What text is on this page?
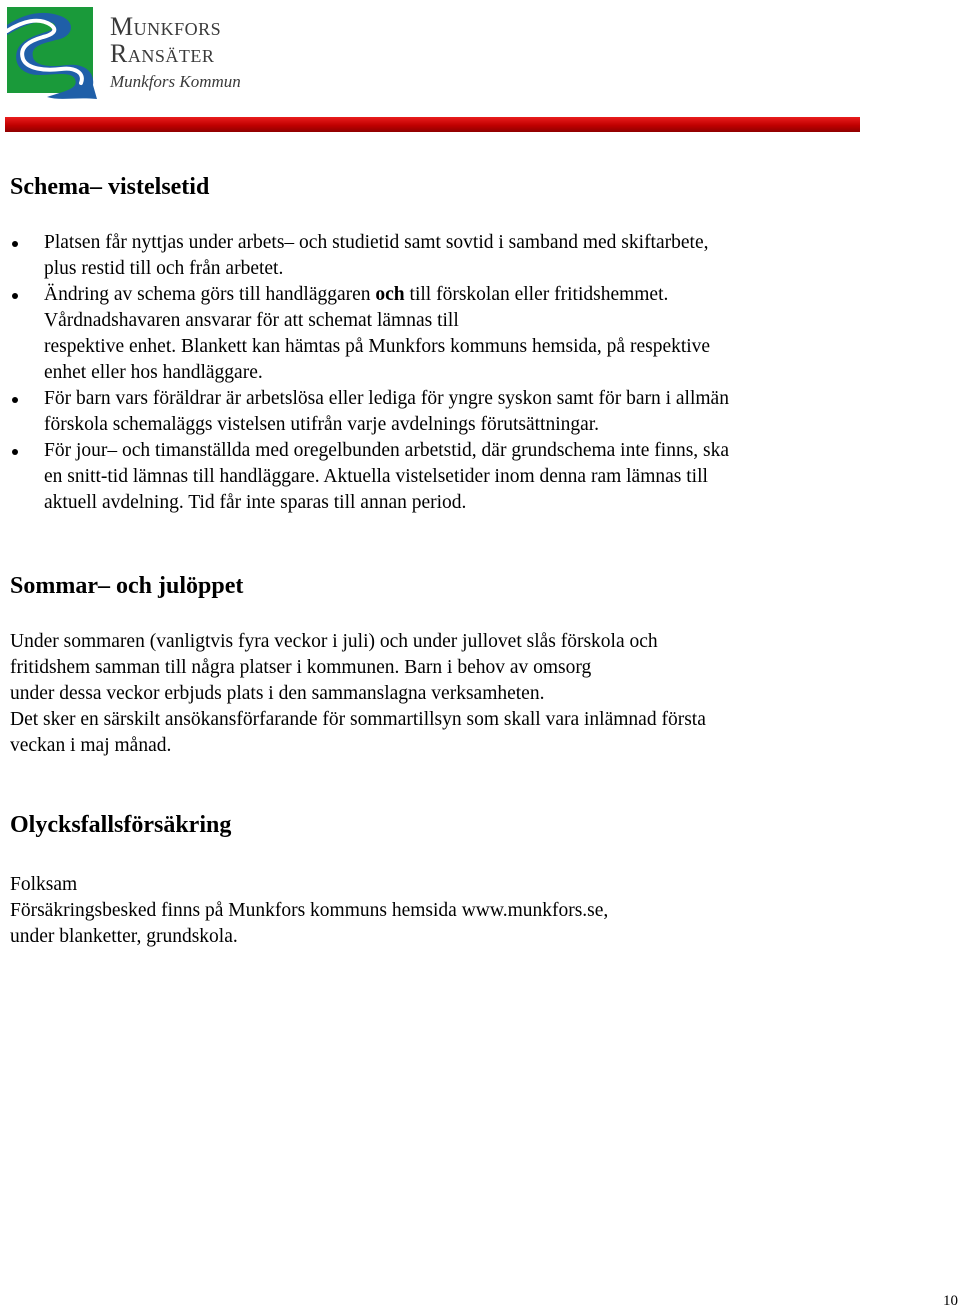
Munkfors
Ransäter
Munkfors Kommun
Schema– vistelsetid
Platsen får nyttjas under arbets– och studietid samt sovtid i samband med skiftarbete,
plus restid till och från arbetet.
Ändring av schema görs till handläggaren och till förskolan eller fritidshemmet.
Vårdnadshavaren ansvarar för att schemat lämnas till
respektive enhet. Blankett kan hämtas på Munkfors kommuns hemsida, på respektive
enhet eller hos handläggare.
För barn vars föräldrar är arbetslösa eller lediga för yngre syskon samt för barn i allmän
förskola schemaläggs vistelsen utifrån varje avdelnings förutsättningar.
För jour– och timanställda med oregelbunden arbetstid, där grundschema inte finns, ska
en snitt-tid lämnas till handläggare. Aktuella vistelsetider inom denna ram lämnas till
aktuell avdelning. Tid får inte sparas till annan period.
Sommar– och julöppet
Under sommaren (vanligtvis fyra veckor i juli) och under jullovet slås förskola och
fritidshem samman till några platser i kommunen. Barn i behov av omsorg
under dessa veckor erbjuds plats i den sammanslagna verksamheten.
Det sker en särskilt ansökansförfarande för sommartillsyn som skall vara inlämnad första
veckan i maj månad.
Olycksfallsförsäkring
Folksam
Försäkringsbesked finns på Munkfors kommuns hemsida www.munkfors.se,
under blanketter, grundskola.
10
